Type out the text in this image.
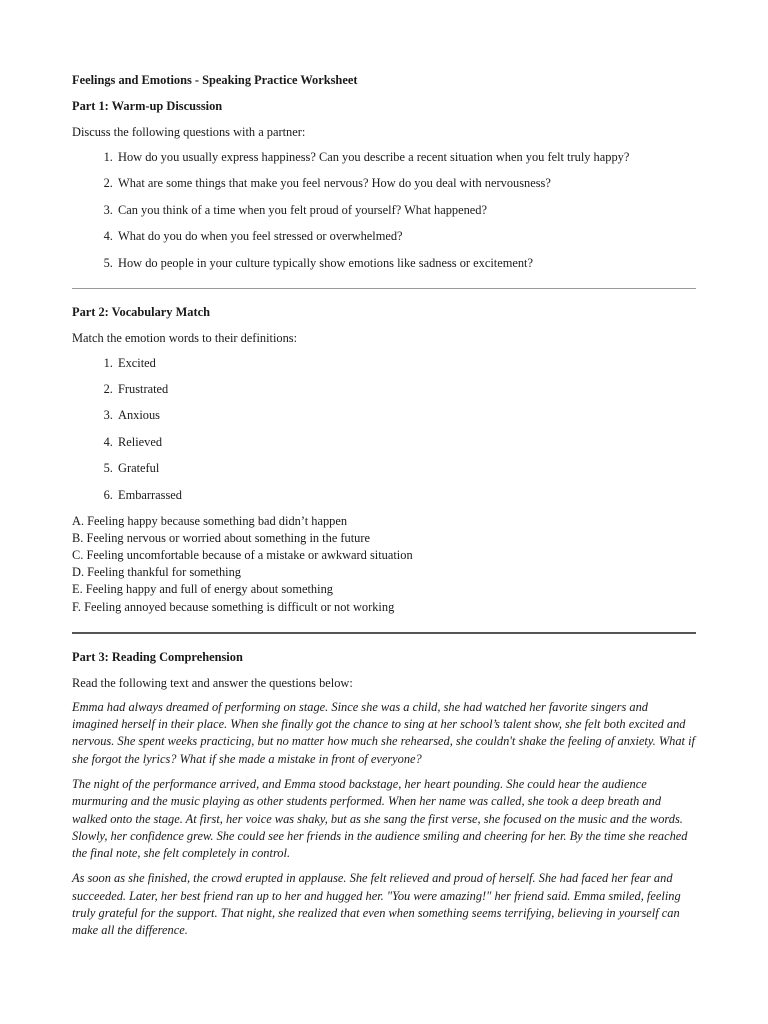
Feelings and Emotions - Speaking Practice Worksheet
Part 1: Warm-up Discussion
Discuss the following questions with a partner:
1. How do you usually express happiness? Can you describe a recent situation when you felt truly happy?
2. What are some things that make you feel nervous? How do you deal with nervousness?
3. Can you think of a time when you felt proud of yourself? What happened?
4. What do you do when you feel stressed or overwhelmed?
5. How do people in your culture typically show emotions like sadness or excitement?
Part 2: Vocabulary Match
Match the emotion words to their definitions:
1. Excited
2. Frustrated
3. Anxious
4. Relieved
5. Grateful
6. Embarrassed
A. Feeling happy because something bad didn’t happen
B. Feeling nervous or worried about something in the future
C. Feeling uncomfortable because of a mistake or awkward situation
D. Feeling thankful for something
E. Feeling happy and full of energy about something
F. Feeling annoyed because something is difficult or not working
Part 3: Reading Comprehension
Read the following text and answer the questions below:

Emma had always dreamed of performing on stage. Since she was a child, she had watched her favorite singers and imagined herself in their place. When she finally got the chance to sing at her school’s talent show, she felt both excited and nervous. She spent weeks practicing, but no matter how much she rehearsed, she couldn't shake the feeling of anxiety. What if she forgot the lyrics? What if she made a mistake in front of everyone?

The night of the performance arrived, and Emma stood backstage, her heart pounding. She could hear the audience murmuring and the music playing as other students performed. When her name was called, she took a deep breath and walked onto the stage. At first, her voice was shaky, but as she sang the first verse, she focused on the music and the words. Slowly, her confidence grew. She could see her friends in the audience smiling and cheering for her. By the time she reached the final note, she felt completely in control.

As soon as she finished, the crowd erupted in applause. She felt relieved and proud of herself. She had faced her fear and succeeded. Later, her best friend ran up to her and hugged her. "You were amazing!" her friend said. Emma smiled, feeling truly grateful for the support. That night, she realized that even when something seems terrifying, believing in yourself can make all the difference.
